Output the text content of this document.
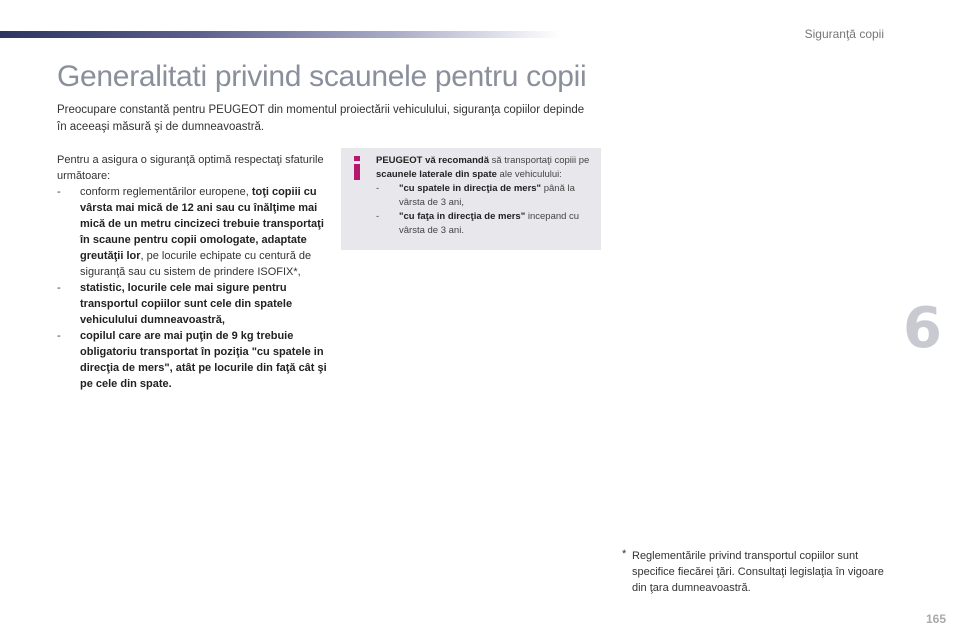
Siguranţă copii
Generalitati privind scaunele pentru copii
Preocupare constantă pentru PEUGEOT din momentul proiectării vehiculului, siguranţa copiilor depinde în aceeaşi măsură şi de dumneavoastră.

Pentru a asigura o siguranţă optimă respectaţi sfaturile următoare:

- conform reglementărilor europene, toţi copiii cu vârsta mai mică de 12 ani sau cu înălţime mai mică de un metru cincizeci trebuie transportaţi în scaune pentru copii omologate, adaptate greutăţii lor, pe locurile echipate cu centură de siguranţă sau cu sistem de prindere ISOFIX*,
- statistic, locurile cele mai sigure pentru transportul copiilor sunt cele din spatele vehiculului dumneavoastră,
- copilul care are mai puţin de 9 kg trebuie obligatoriu transportat în poziţia "cu spatele in direcţia de mers", atât pe locurile din faţă cât şi pe cele din spate.
PEUGEOT vă recomandă să transportaţi copiii pe scaunele laterale din spate ale vehiculului:
- "cu spatele in direcţia de mers" până la vârsta de 3 ani,
- "cu faţa in direcţia de mers" incepand cu vârsta de 3 ani.
6
* Reglementările privind transportul copiilor sunt specifice fiecărei ţări. Consultaţi legislaţia în vigoare din ţara dumneavoastră.
165
